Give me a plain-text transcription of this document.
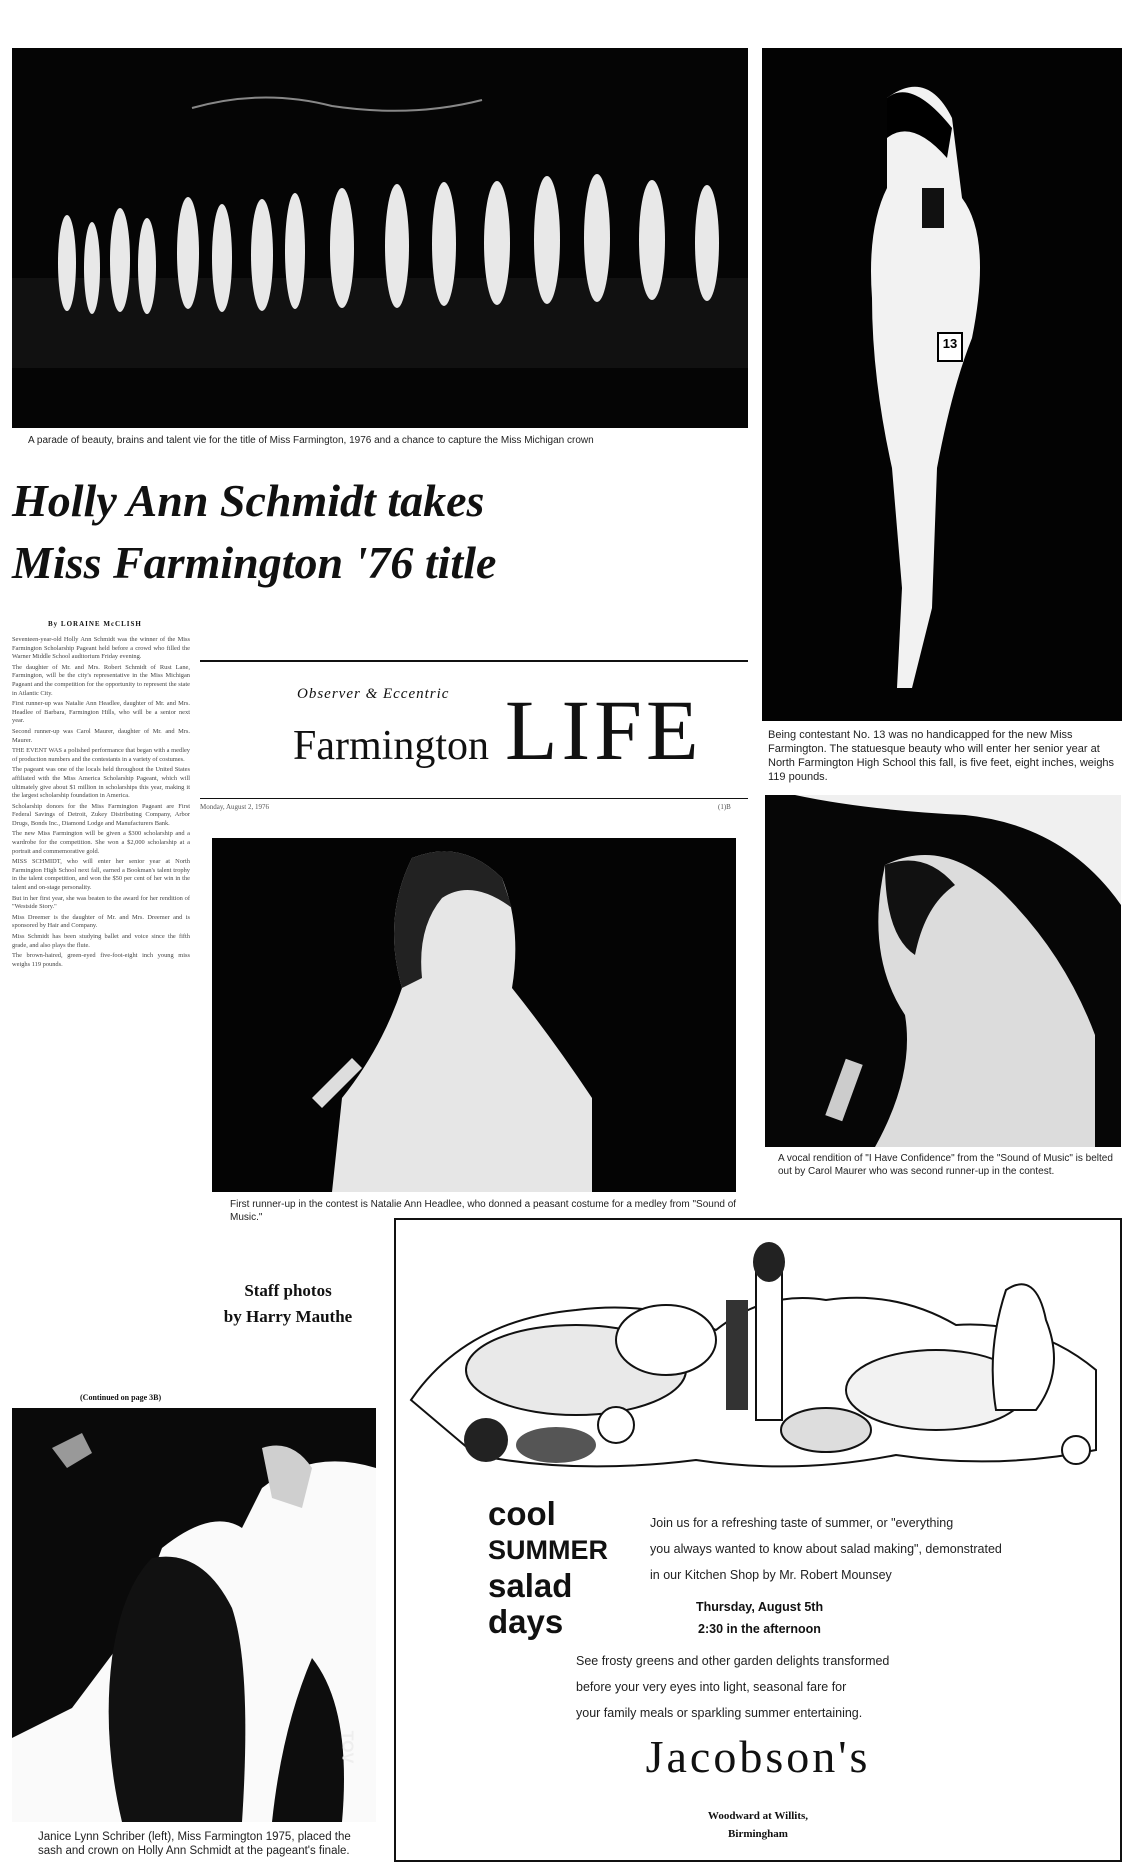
A parade of beauty, brains and talent vie for the title of Miss Farmington, 1976 and a chance to capture the Miss Michigan crown
13
Being contestant No. 13 was no handicapped for the new Miss Farmington. The statuesque beauty who will enter her senior year at North Farmington High School this fall, is five feet, eight inches, weighs 119 pounds.
Holly Ann Schmidt takes
Miss Farmington '76 title
By LORAINE McCLISH

Seventeen-year-old Holly Ann Schmidt was the winner of the Miss Farmington Scholarship Pageant held before a crowd who filled the Warner Middle School auditorium Friday evening.

The daughter of Mr. and Mrs. Robert Schmidt of Rust Lane, Farmington, will be the city's representative in the Miss Michigan Pageant and the competition for the opportunity to represent the state in Atlantic City.

First runner-up was Natalie Ann Headlee, daughter of Mr. and Mrs. Headlee of Barbara, Farmington Hills, who will be a senior next year.

Second runner-up was Carol Maurer, daughter of Mr. and Mrs. Maurer.

THE EVENT WAS a polished performance that began with a medley of production numbers and the contestants in a variety of costumes.

The pageant was one of the locals held throughout the United States affiliated with the Miss America Scholarship Pageant, which will ultimately give about $1 million in scholarships this year, making it the largest scholarship foundation in America.

Scholarship donors for the Miss Farmington Pageant are First Federal Savings of Detroit, Zukey Distributing Company, Arbor Drugs, Bonds Inc., Diamond Lodge and Manufacturers Bank.

The new Miss Farmington will be given a $300 scholarship and a wardrobe for the competition. She won a $2,000 scholarship at a portrait and commemorative gold.

MISS SCHMIDT, who will enter her senior year at North Farmington High School next fall, earned a Bookman's talent trophy in the talent competition, and won the $50 per cent of her win in the talent and on-stage personality.

But in her first year, she was beaten to the award for her rendition of "Westside Story."

Miss Dreemer is the daughter of Mr. and Mrs. Dreemer and is sponsored by Hair and Company.

Miss Schmidt has been studying ballet and voice since the fifth grade, and also plays the flute.

The brown-haired, green-eyed five-foot-eight inch young miss weighs 119 pounds.

(Continued on page 3B)
Observer & Eccentric
Farmington LIFE
Monday, August 2, 1976	(1)B
First runner-up in the contest is Natalie Ann Headlee, who donned a peasant costume for a medley from "Sound of Music."
A vocal rendition of "I Have Confidence" from the "Sound of Music" is belted out by Carol Maurer who was second runner-up in the contest.
Staff photos
by Harry Mauthe
TOV
Janice Lynn Schriber (left), Miss Farmington 1975, placed the sash and crown on Holly Ann Schmidt at the pageant's finale.
cool
SUMMER
salad
days
Join us for a refreshing taste of summer, or "everything
you always wanted to know about salad making", demonstrated
in our Kitchen Shop by Mr. Robert Mounsey
Thursday, August 5th
2:30 in the afternoon
See frosty greens and other garden delights transformed
before your very eyes into light, seasonal fare for
your family meals or sparkling summer entertaining.
Jacobson's
Woodward at Willits,
Birmingham
